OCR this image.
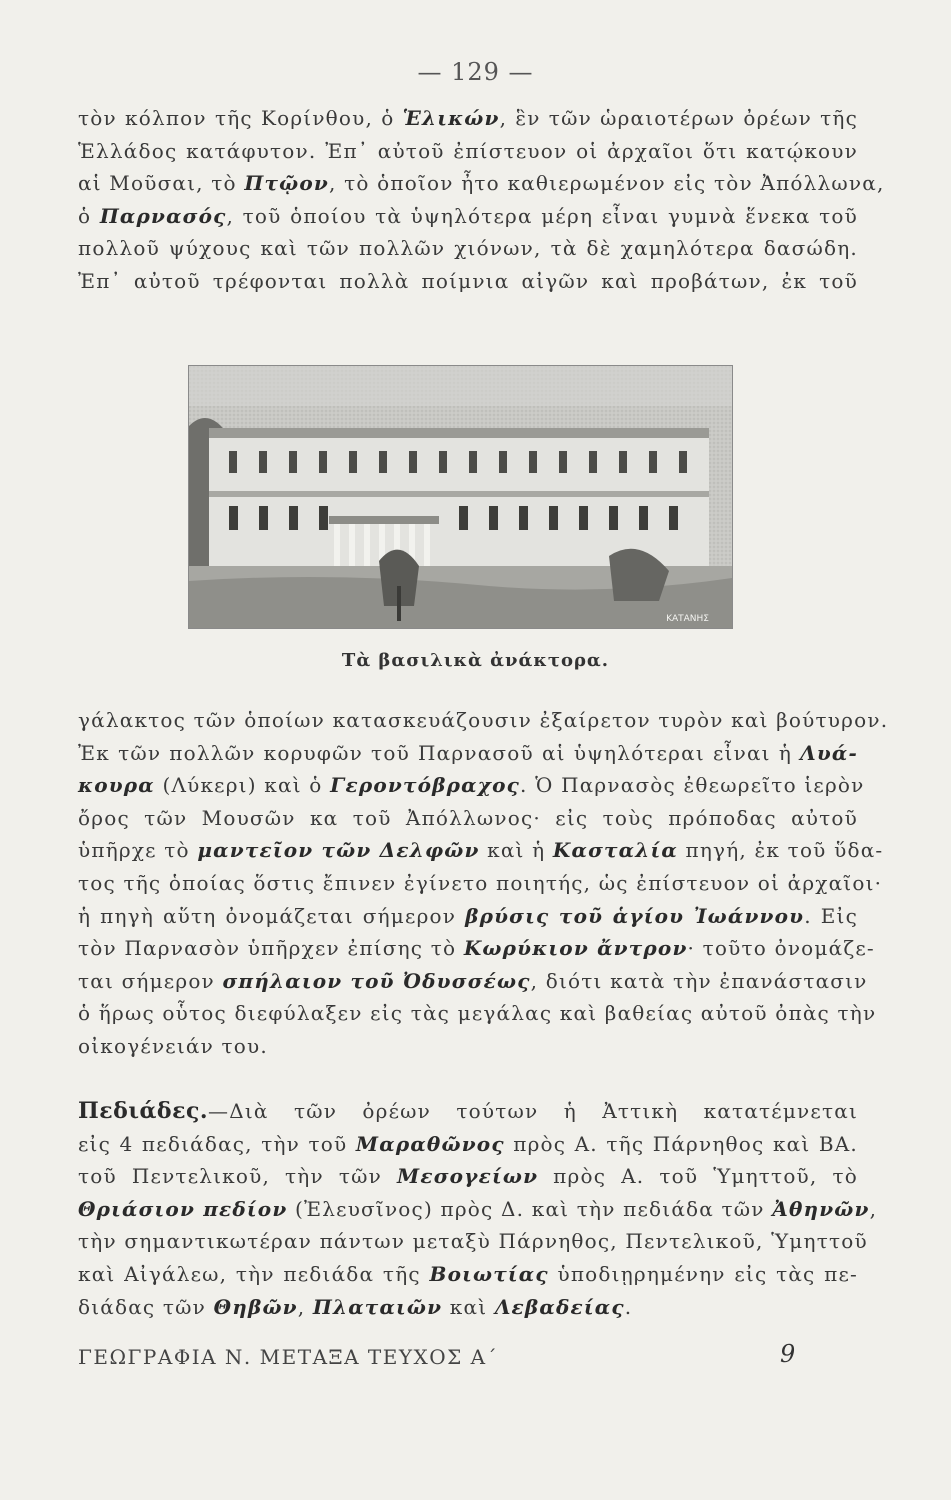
— 129 —
τὸν κόλπον τῆς Κορίνθου, ὁ Ἑλικών, ἓν τῶν ὡραιοτέρων ὀρέων τῆς
Ἑλλάδος κατάφυτον. Ἐπ᾿ αὐτοῦ ἐπίστευον οἱ ἀρχαῖοι ὅτι κατῴκουν
αἱ Μοῦσαι, τὸ Πτῷον, τὸ ὁποῖον ἦτο καθιερωμένον εἰς τὸν Ἀπόλλωνα,
ὁ Παρνασός, τοῦ ὁποίου τὰ ὑψηλότερα μέρη εἶναι γυμνὰ ἕνεκα τοῦ
πολλοῦ ψύχους καὶ τῶν πολλῶν χιόνων, τὰ δὲ χαμηλότερα δασώδη.
Ἐπ᾿ αὐτοῦ τρέφονται πολλὰ ποίμνια αἰγῶν καὶ προβάτων, ἐκ τοῦ
ΚΑΤΑΝΗΣ
Τὰ βασιλικὰ ἀνάκτορα.
γάλακτος τῶν ὁποίων κατασκευάζουσιν ἐξαίρετον τυρὸν καὶ βούτυρον.
Ἐκ τῶν πολλῶν κορυφῶν τοῦ Παρνασοῦ αἱ ὑψηλότεραι εἶναι ἡ Λυά-
κουρα (Λύκερι) καὶ ὁ Γεροντόβραχος. Ὁ Παρνασὸς ἐθεωρεῖτο ἱερὸν
ὄρος τῶν Μουσῶν κα τοῦ Ἀπόλλωνος· εἰς τοὺς πρόποδας αὐτοῦ
ὑπῆρχε τὸ μαντεῖον τῶν Δελφῶν καὶ ἡ Κασταλία πηγή, ἐκ τοῦ ὕδα-
τος τῆς ὁποίας ὅστις ἔπινεν ἐγίνετο ποιητής, ὡς ἐπίστευον οἱ ἀρχαῖοι·
ἡ πηγὴ αὕτη ὀνομάζεται σήμερον βρύσις τοῦ ἁγίου Ἰωάννου. Εἰς
τὸν Παρνασὸν ὑπῆρχεν ἐπίσης τὸ Κωρύκιον ἄντρον· τοῦτο ὀνομάζε-
ται σήμερον σπήλαιον τοῦ Ὀδυσσέως, διότι κατὰ τὴν ἐπανάστασιν
ὁ ἥρως οὗτος διεφύλαξεν εἰς τὰς μεγάλας καὶ βαθείας αὐτοῦ ὀπὰς τὴν
οἰκογένειάν του.
Πεδιάδες.—Διὰ τῶν ὀρέων τούτων ἡ Ἀττικὴ κατατέμνεται
εἰς 4 πεδιάδας, τὴν τοῦ Μαραθῶνος πρὸς Α. τῆς Πάρνηθος καὶ ΒΑ.
τοῦ Πεντελικοῦ, τὴν τῶν Μεσογείων πρὸς Α. τοῦ Ὑμηττοῦ, τὸ
Θριάσιον πεδίον (Ἐλευσῖνος) πρὸς Δ. καὶ τὴν πεδιάδα τῶν Ἀθηνῶν,
τὴν σημαντικωτέραν πάντων μεταξὺ Πάρνηθος, Πεντελικοῦ, Ὑμηττοῦ
καὶ Αἰγάλεω, τὴν πεδιάδα τῆς Βοιωτίας ὑποδιῃρημένην εἰς τὰς πε-
διάδας τῶν Θηβῶν, Πλαταιῶν καὶ Λεβαδείας.
ΓΕΩΓΡΑΦΙΑ Ν. ΜΕΤΑΞΑ ΤΕΥΧΟΣ Α΄	9
